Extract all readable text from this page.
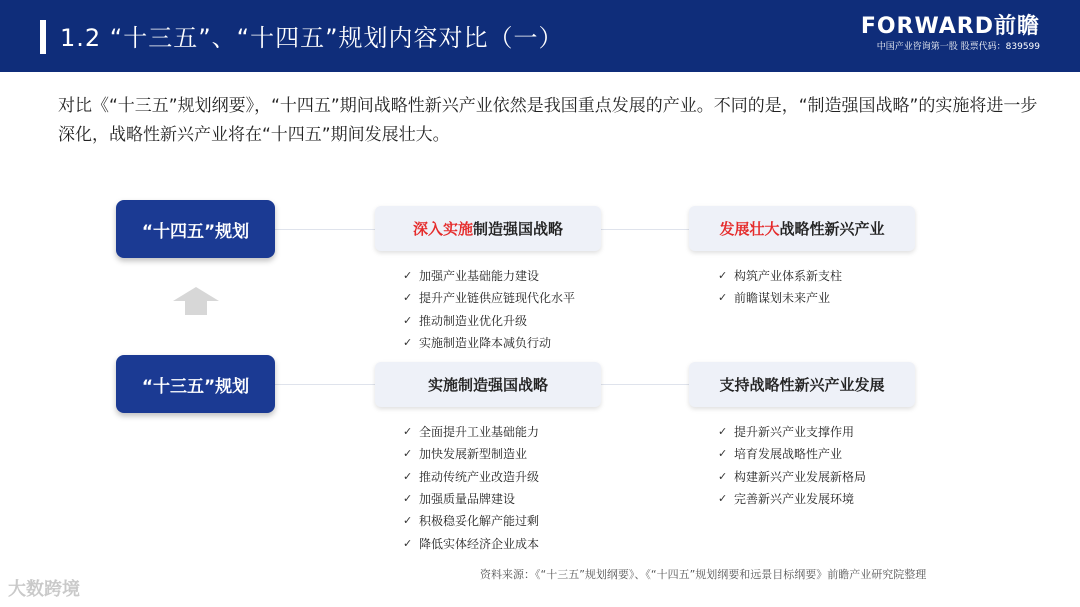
1.2 “十三五”、“十四五”规划内容对比（一）	FORWARD前瞻
中国产业咨询第一股 股票代码：839599
对比《“十三五”规划纲要》，“十四五”期间战略性新兴产业依然是我国重点发展的产业。不同的是，“制造强国战略”的实施将进一步深化，战略性新兴产业将在“十四五”期间发展壮大。
“十四五”规划
“十三五”规划
深入实施 制造强国战略	发展壮大 战略性新兴产业
实施制造强国战略	支持战略性新兴产业发展
✓ 加强产业基础能力建设
✓ 提升产业链供应链现代化水平
✓ 推动制造业优化升级
✓ 实施制造业降本减负行动
✓ 构筑产业体系新支柱
✓ 前瞻谋划未来产业
✓ 全面提升工业基础能力
✓ 加快发展新型制造业
✓ 推动传统产业改造升级
✓ 加强质量品牌建设
✓ 积极稳妥化解产能过剩
✓ 降低实体经济企业成本
✓ 提升新兴产业支撑作用
✓ 培育发展战略性产业
✓ 构建新兴产业发展新格局
✓ 完善新兴产业发展环境
资料来源：《“十三五”规划纲要》、《“十四五”规划纲要和远景目标纲要》前瞻产业研究院整理
大数跨境
